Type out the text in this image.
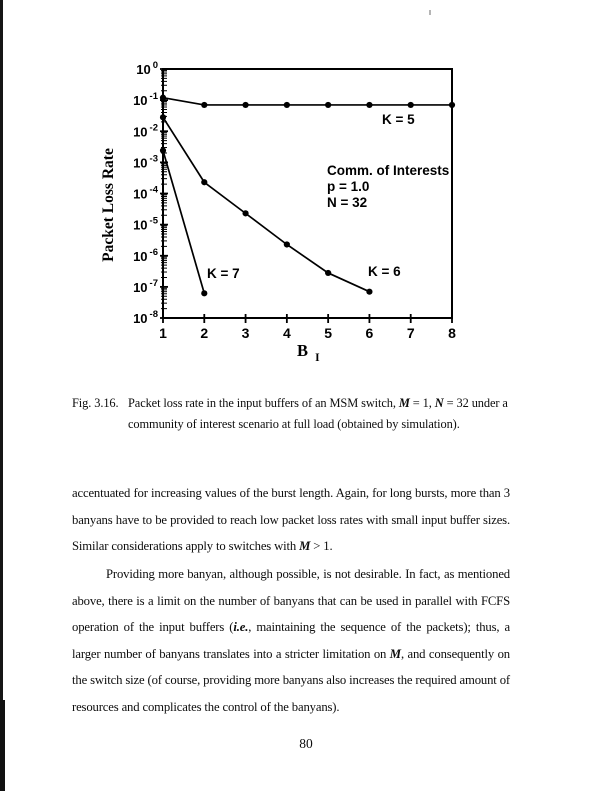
10 $^0$
10 $^{-1}$
10 $^{-2}$
10 $^{-3}$
10 $^{-4}$
10 $^{-5}$
10 $^{-6}$
10 $^{-7}$
10 $^{-8}$
1 2 3 4 5 6 7 8
Packet Loss Rate
B $_I$
Comm. of Interests
p = 1.0
N = 32
K = 5
K = 6
K = 7
Fig. 3.16. Packet loss rate in the input buffers of an MSM switch, M = 1, N = 32 under a community of interest scenario at full load (obtained by simulation).

accentuated for increasing values of the burst length. Again, for long bursts, more than 3 banyans have to be provided to reach low packet loss rates with small input buffer sizes. Similar considerations apply to switches with M > 1.

Providing more banyan, although possible, is not desirable. In fact, as mentioned above, there is a limit on the number of banyans that can be used in parallel with FCFS operation of the input buffers (i.e., maintaining the sequence of the packets); thus, a larger number of banyans translates into a stricter limitation on M, and consequently on the switch size (of course, providing more banyans also increases the required amount of resources and complicates the control of the banyans).

80
